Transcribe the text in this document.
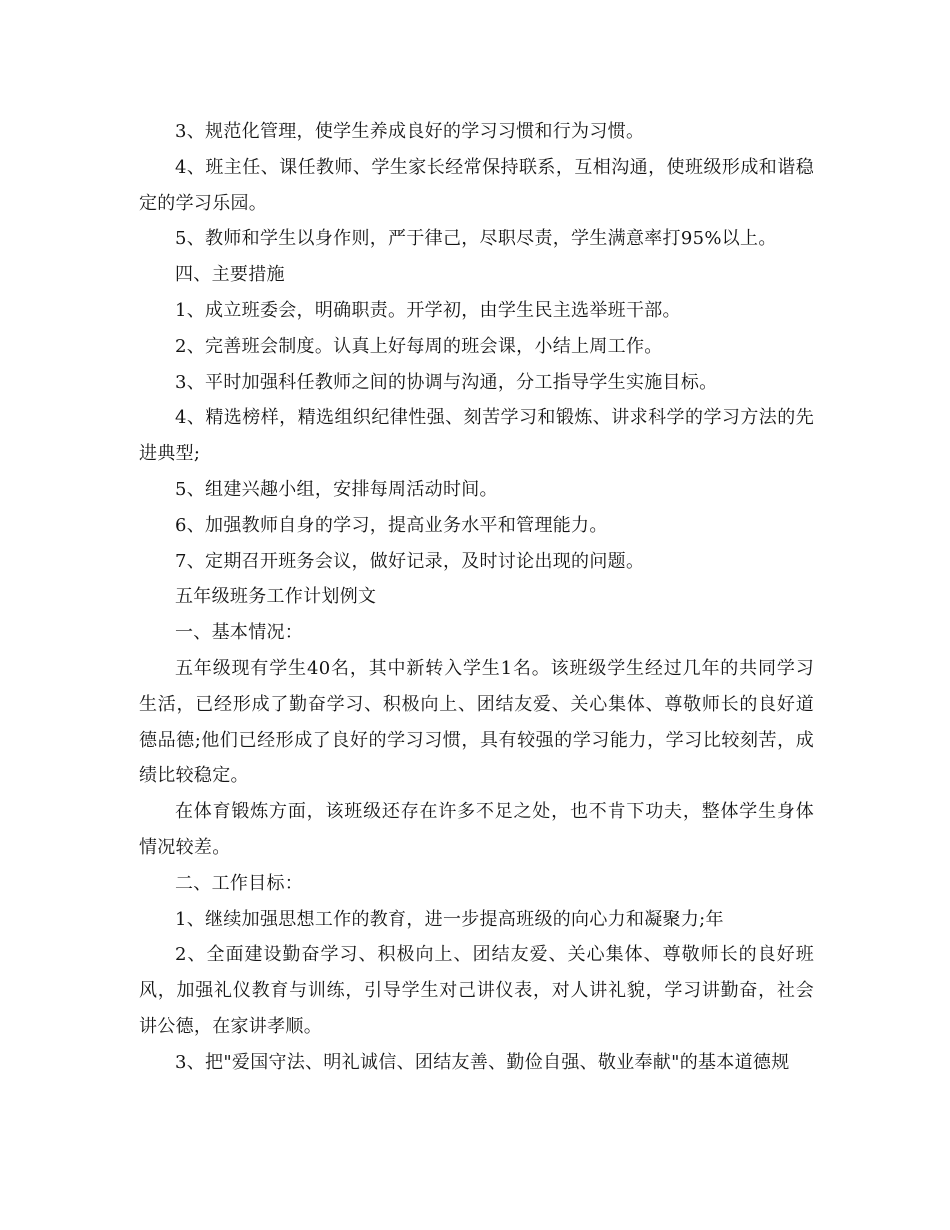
3、规范化管理，使学生养成良好的学习习惯和行为习惯。

4、班主任、课任教师、学生家长经常保持联系，互相沟通，使班级形成和谐稳定的学习乐园。

5、教师和学生以身作则，严于律己，尽职尽责，学生满意率打95%以上。

四、主要措施

1、成立班委会，明确职责。开学初，由学生民主选举班干部。

2、完善班会制度。认真上好每周的班会课，小结上周工作。

3、平时加强科任教师之间的协调与沟通，分工指导学生实施目标。

4、精选榜样，精选组织纪律性强、刻苦学习和锻炼、讲求科学的学习方法的先进典型;

5、组建兴趣小组，安排每周活动时间。

6、加强教师自身的学习，提高业务水平和管理能力。

7、定期召开班务会议，做好记录，及时讨论出现的问题。

五年级班务工作计划例文

一、基本情况：

五年级现有学生40名，其中新转入学生1名。该班级学生经过几年的共同学习生活，已经形成了勤奋学习、积极向上、团结友爱、关心集体、尊敬师长的良好道德品德;他们已经形成了良好的学习习惯，具有较强的学习能力，学习比较刻苦，成绩比较稳定。

在体育锻炼方面，该班级还存在许多不足之处，也不肯下功夫，整体学生身体情况较差。

二、工作目标：

1、继续加强思想工作的教育，进一步提高班级的向心力和凝聚力;年

2、全面建设勤奋学习、积极向上、团结友爱、关心集体、尊敬师长的良好班风，加强礼仪教育与训练，引导学生对己讲仪表，对人讲礼貌，学习讲勤奋，社会讲公德，在家讲孝顺。

3、把"爱国守法、明礼诚信、团结友善、勤俭自强、敬业奉献"的基本道德规
